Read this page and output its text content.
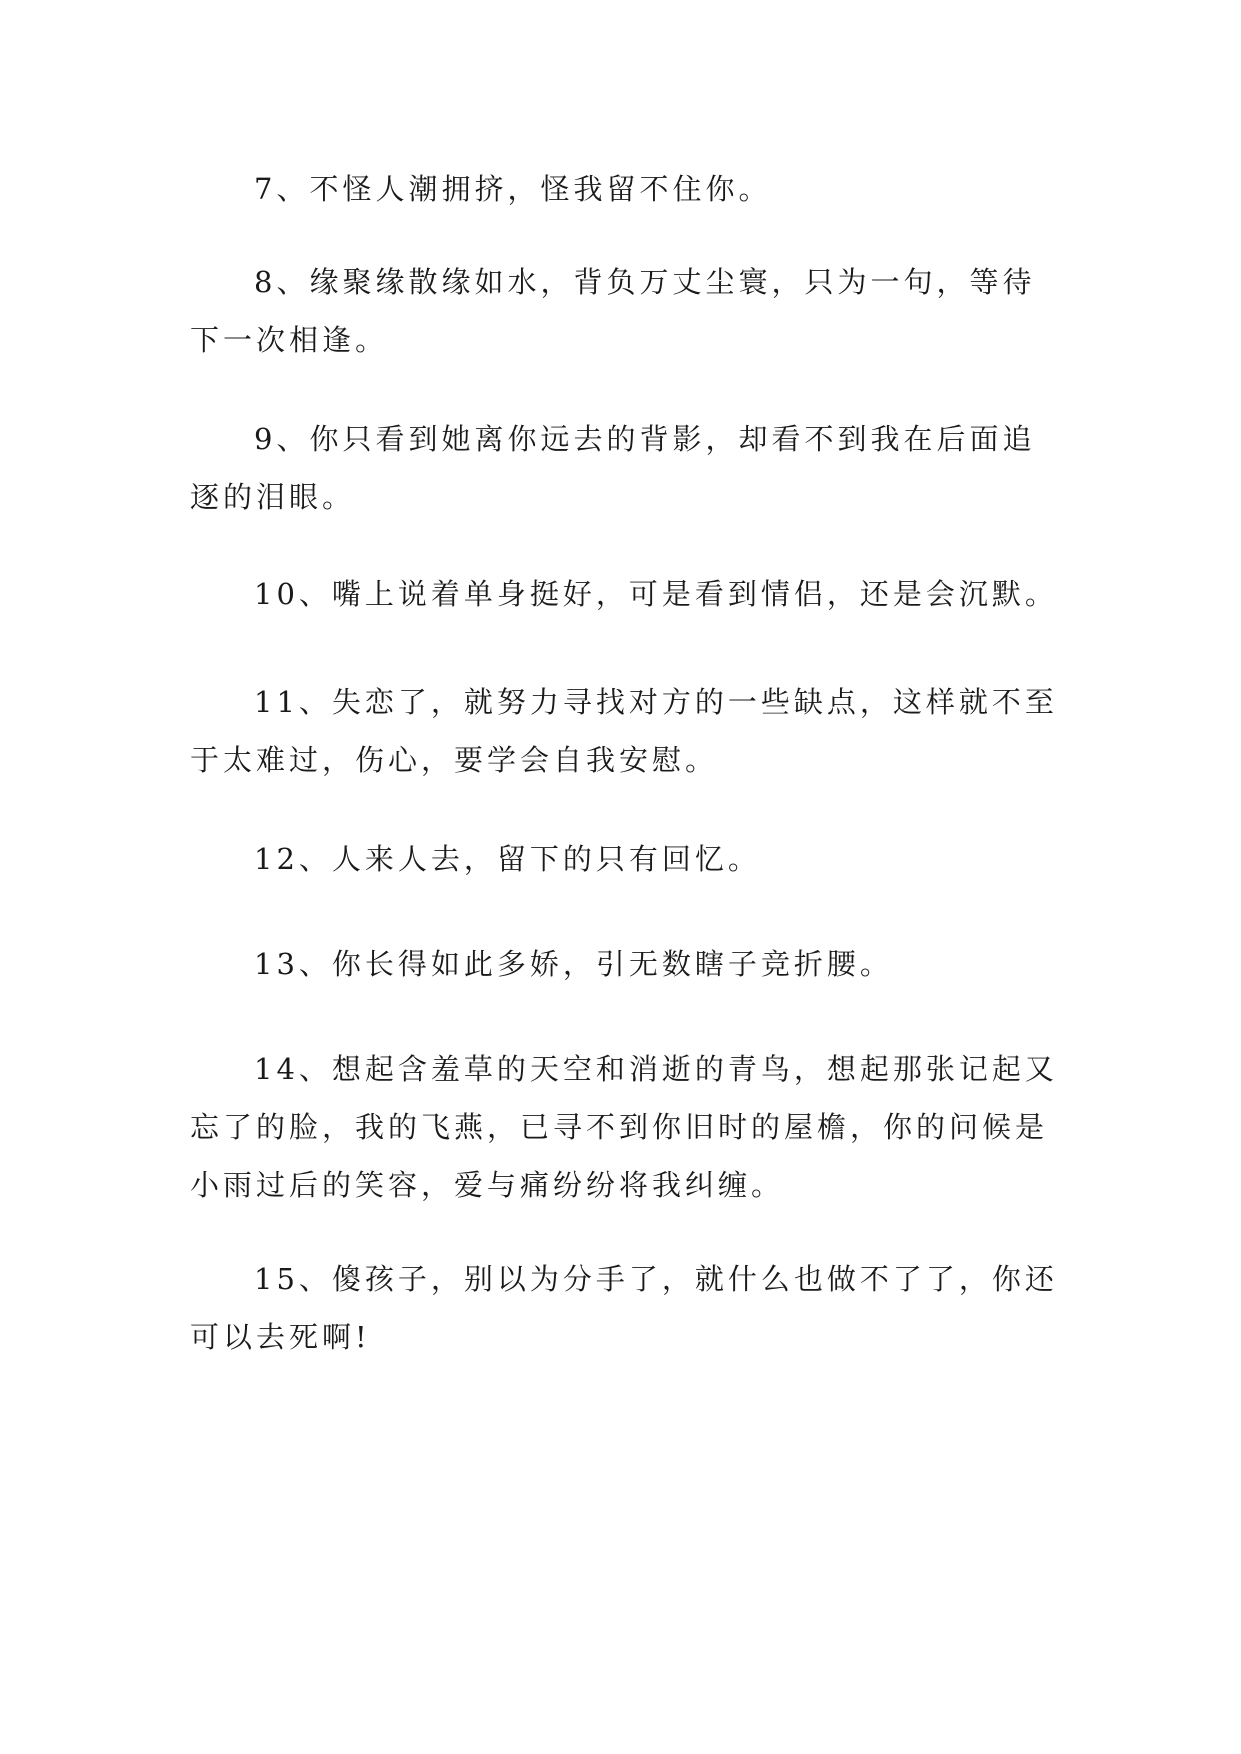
7、不怪人潮拥挤，怪我留不住你。

8、缘聚缘散缘如水，背负万丈尘寰，只为一句，等待
下一次相逢。

9、你只看到她离你远去的背影，却看不到我在后面追
逐的泪眼。

10、嘴上说着单身挺好，可是看到情侣，还是会沉默。

11、失恋了，就努力寻找对方的一些缺点，这样就不至
于太难过，伤心，要学会自我安慰。

12、人来人去，留下的只有回忆。

13、你长得如此多娇，引无数瞎子竞折腰。

14、想起含羞草的天空和消逝的青鸟，想起那张记起又
忘了的脸，我的飞燕，已寻不到你旧时的屋檐，你的问候是
小雨过后的笑容，爱与痛纷纷将我纠缠。

15、傻孩子，别以为分手了，就什么也做不了了，你还
可以去死啊!
